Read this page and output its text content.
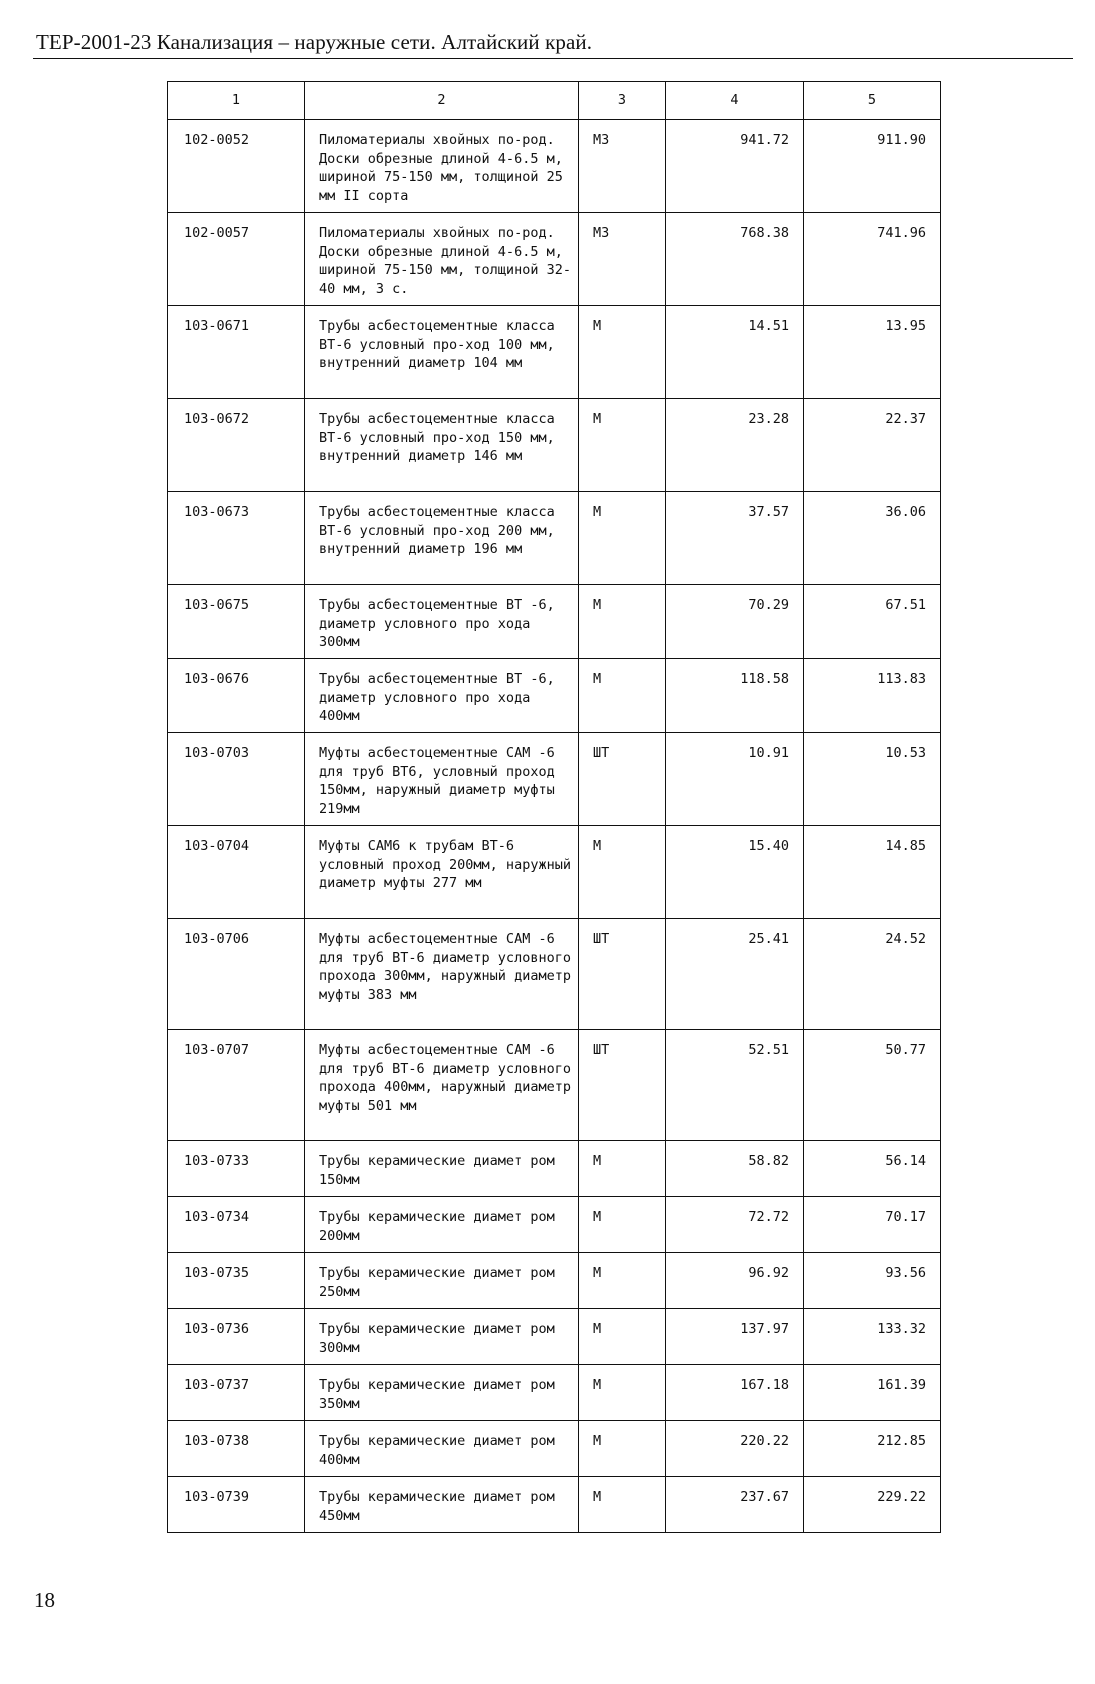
ТЕР-2001-23 Канализация – наружные сети. Алтайский край.
1	2	3	4	5
102-0052	Пиломатериалы хвойных по-род. Доски обрезные длиной 4-6.5 м, шириной 75-150 мм, толщиной 25 мм II сорта	М3	941.72	911.90
102-0057	Пиломатериалы хвойных по-род. Доски обрезные длиной 4-6.5 м, шириной 75-150 мм, толщиной 32-40 мм, 3 с.	М3	768.38	741.96
103-0671	Трубы асбестоцементные класса ВТ-6 условный про-ход 100 мм, внутренний диаметр 104 мм	М	14.51	13.95
103-0672	Трубы асбестоцементные класса ВТ-6 условный про-ход 150 мм, внутренний диаметр 146 мм	М	23.28	22.37
103-0673	Трубы асбестоцементные класса ВТ-6 условный про-ход 200 мм, внутренний диаметр 196 мм	М	37.57	36.06
103-0675	Трубы асбестоцементные ВТ -6, диаметр условного про хода 300мм	М	70.29	67.51
103-0676	Трубы асбестоцементные ВТ -6, диаметр условного про хода 400мм	М	118.58	113.83
103-0703	Муфты асбестоцементные САМ -6 для труб ВТ6, условный проход 150мм, наружный диаметр муфты 219мм	ШТ	10.91	10.53
103-0704	Муфты САМ6 к трубам ВТ-6 условный проход 200мм, наружный диаметр муфты 277 мм	М	15.40	14.85
103-0706	Муфты асбестоцементные САМ -6 для труб ВТ-6 диаметр условного прохода 300мм, наружный диаметр муфты 383 мм	ШТ	25.41	24.52
103-0707	Муфты асбестоцементные САМ -6 для труб ВТ-6 диаметр условного прохода 400мм, наружный диаметр муфты 501 мм	ШТ	52.51	50.77
103-0733	Трубы керамические диамет ром 150мм	М	58.82	56.14
103-0734	Трубы керамические диамет ром 200мм	М	72.72	70.17
103-0735	Трубы керамические диамет ром 250мм	М	96.92	93.56
103-0736	Трубы керамические диамет ром 300мм	М	137.97	133.32
103-0737	Трубы керамические диамет ром 350мм	М	167.18	161.39
103-0738	Трубы керамические диамет ром 400мм	М	220.22	212.85
103-0739	Трубы керамические диамет ром 450мм	М	237.67	229.22
18
